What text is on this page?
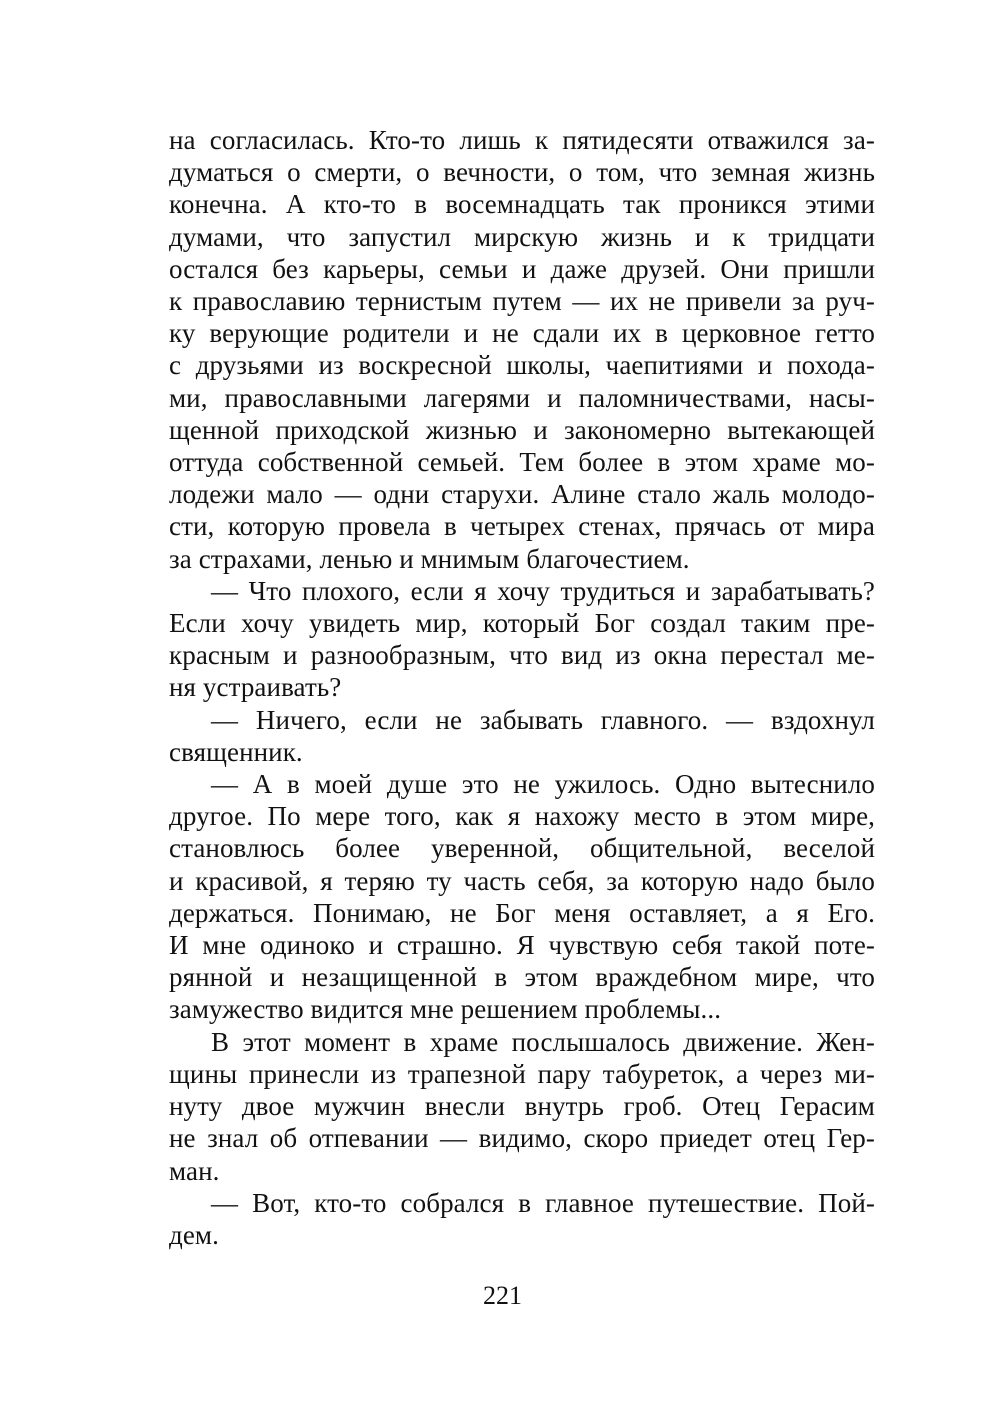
на согласилась. Кто-то лишь к пятидесяти отважился за-
думаться о смерти, о вечности, о том, что земная жизнь
конечна. А кто-то в восемнадцать так проникся этими
думами, что запустил мирскую жизнь и к тридцати
остался без карьеры, семьи и даже друзей. Они пришли
к православию тернистым путем — их не привели за руч-
ку верующие родители и не сдали их в церковное гетто
с друзьями из воскресной школы, чаепитиями и похода-
ми, православными лагерями и паломничествами, насы-
щенной приходской жизнью и закономерно вытекающей
оттуда собственной семьей. Тем более в этом храме мо-
лодежи мало — одни старухи. Алине стало жаль молодо-
сти, которую провела в четырех стенах, прячась от мира
за страхами, ленью и мнимым благочестием.
— Что плохого, если я хочу трудиться и зарабатывать?
Если хочу увидеть мир, который Бог создал таким пре-
красным и разнообразным, что вид из окна перестал ме-
ня устраивать?
— Ничего, если не забывать главного. — вздохнул
священник.
— А в моей душе это не ужилось. Одно вытеснило
другое. По мере того, как я нахожу место в этом мире,
становлюсь более уверенной, общительной, веселой
и красивой, я теряю ту часть себя, за которую надо было
держаться. Понимаю, не Бог меня оставляет, а я Его.
И мне одиноко и страшно. Я чувствую себя такой поте-
рянной и незащищенной в этом враждебном мире, что
замужество видится мне решением проблемы...
В этот момент в храме послышалось движение. Жен-
щины принесли из трапезной пару табуреток, а через ми-
нуту двое мужчин внесли внутрь гроб. Отец Герасим
не знал об отпевании — видимо, скоро приедет отец Гер-
ман.
— Вот, кто-то собрался в главное путешествие. Пой-
дем.
221
